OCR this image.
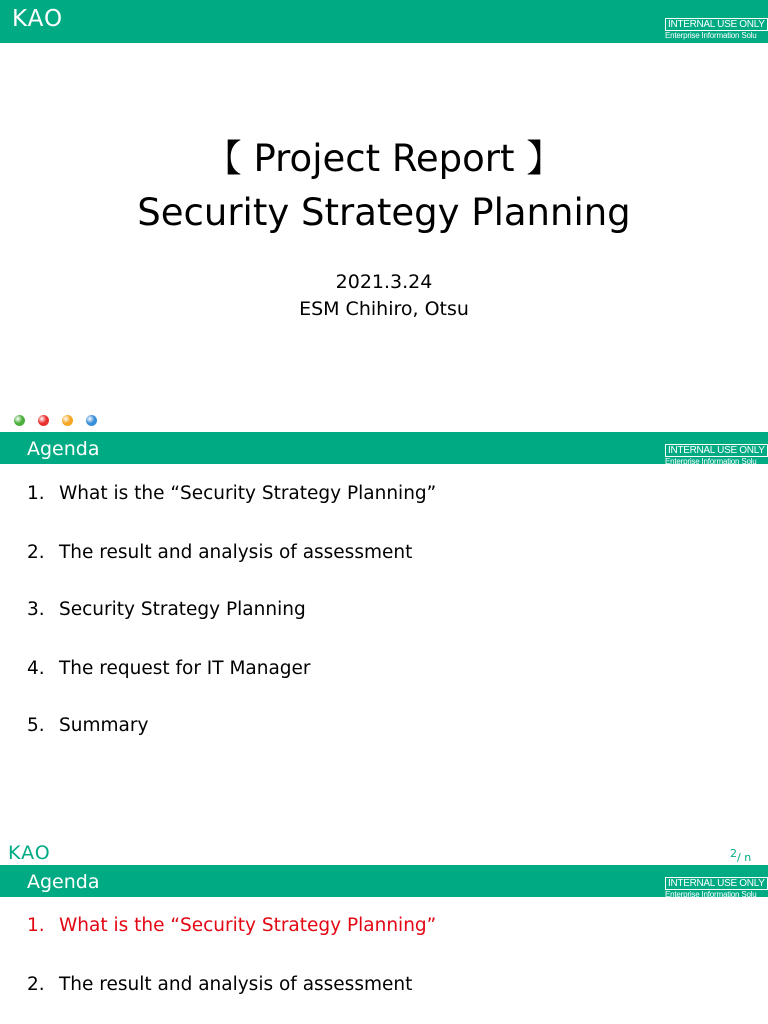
KAO	INTERNAL USE ONLY
Enterprise Information Solu
【 Project Report 】
Security Strategy Planning
2021.3.24
ESM Chihiro, Otsu
Agenda	INTERNAL USE ONLY
Enterprise Information Solu
1. What is the “Security Strategy Planning”
2. The result and analysis of assessment
3. Security Strategy Planning
4. The request for IT Manager
5. Summary
KAO	$^2$/ n
Agenda	INTERNAL USE ONLY
Enterprise Information Solu
1. What is the “Security Strategy Planning”
2. The result and analysis of assessment
